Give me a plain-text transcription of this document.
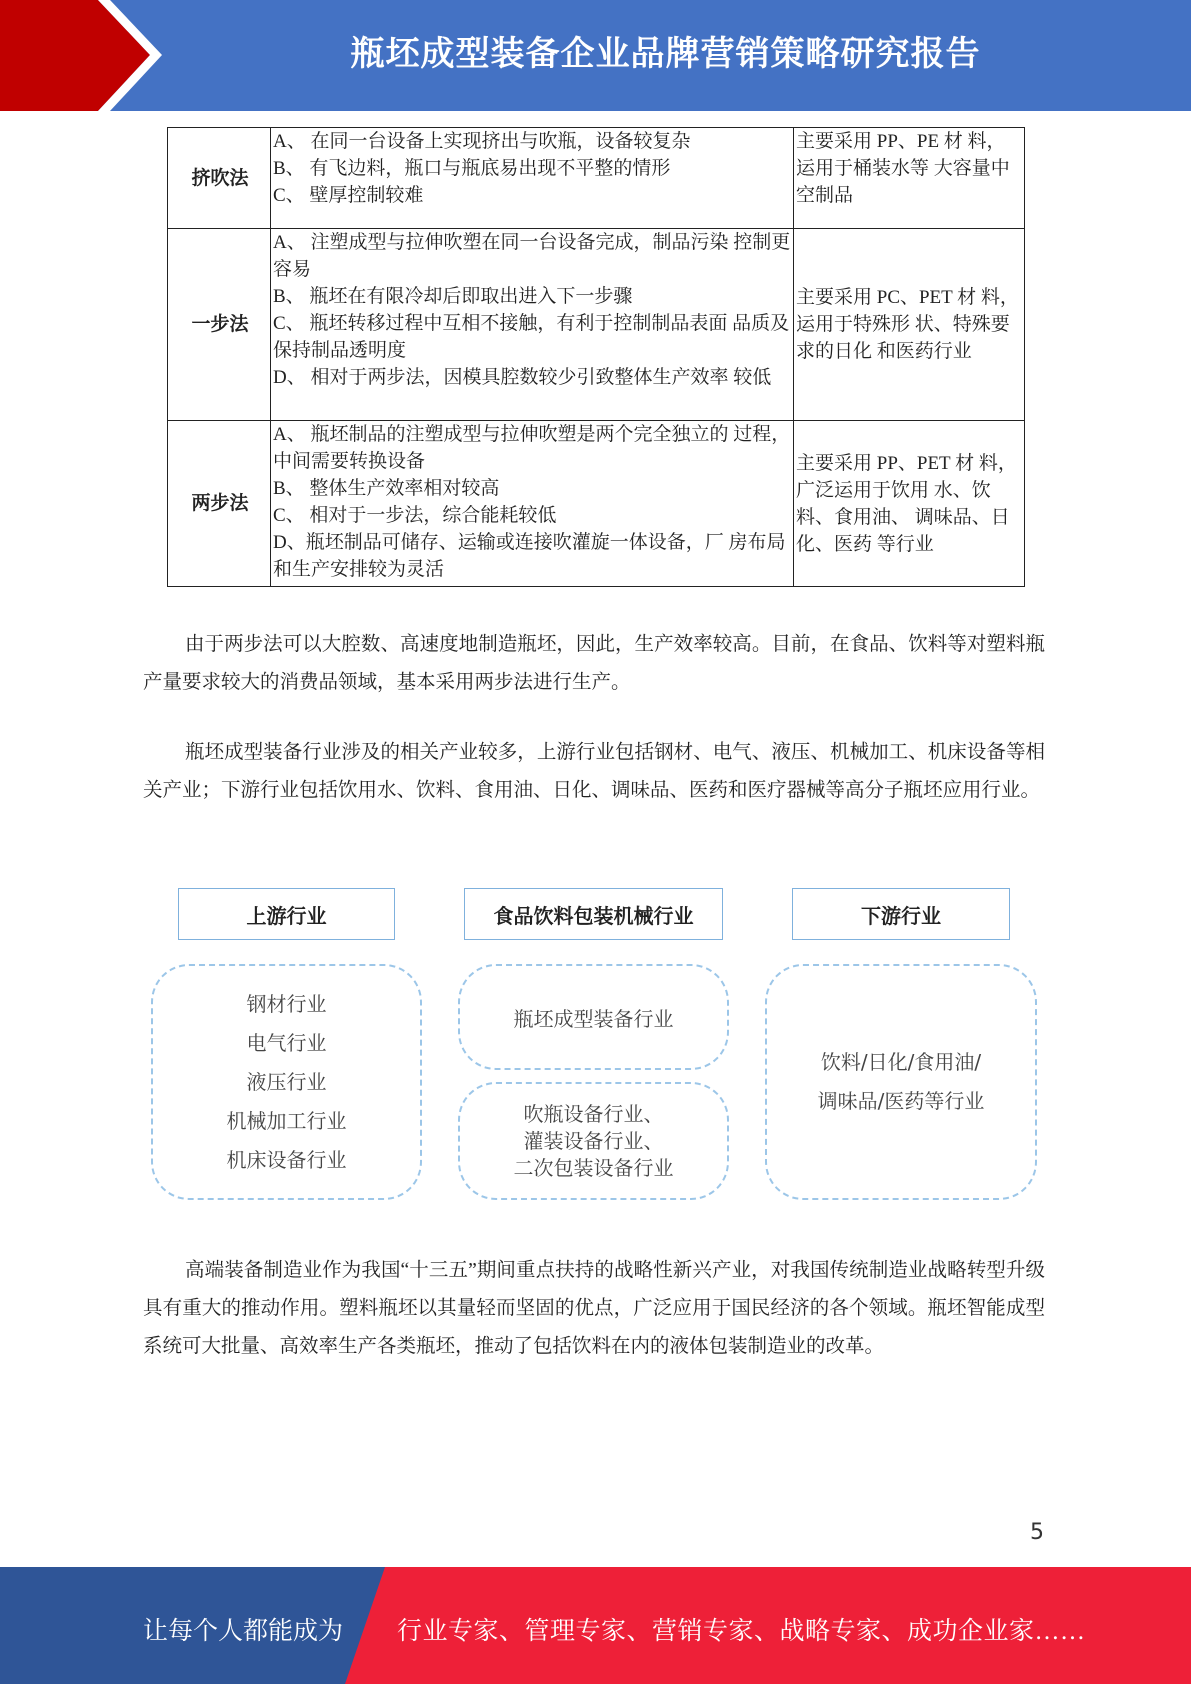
瓶坯成型装备企业品牌营销策略研究报告
挤吹法	A、 在同一台设备上实现挤出与吹瓶，设备较复杂
B、 有飞边料，瓶口与瓶底易出现不平整的情形
C、 壁厚控制较难	主要采用 PP、PE 材 料，运用于桶装水等 大容量中空制品
一步法	A、 注塑成型与拉伸吹塑在同一台设备完成，制品污染 控制更容易
B、 瓶坯在有限冷却后即取出进入下一步骤
C、 瓶坯转移过程中互相不接触，有利于控制制品表面 品质及保持制品透明度
D、 相对于两步法，因模具腔数较少引致整体生产效率 较低	主要采用 PC、PET 材 料，运用于特殊形 状、特殊要求的日化 和医药行业
两步法	A、 瓶坯制品的注塑成型与拉伸吹塑是两个完全独立的 过程，中间需要转换设备
B、 整体生产效率相对较高
C、 相对于一步法，综合能耗较低
D、瓶坯制品可储存、运输或连接吹灌旋一体设备，厂 房布局和生产安排较为灵活	主要采用 PP、PET 材 料，广泛运用于饮用 水、饮料、食用油、 调味品、日化、医药 等行业

由于两步法可以大腔数、高速度地制造瓶坯，因此，生产效率较高。目前，在食品、饮料等对塑料瓶产量要求较大的消费品领域，基本采用两步法进行生产。

瓶坯成型装备行业涉及的相关产业较多，上游行业包括钢材、电气、液压、机械加工、机床设备等相关产业；下游行业包括饮用水、饮料、食用油、日化、调味品、医药和医疗器械等高分子瓶坯应用行业。

上游行业	食品饮料包装机械行业	下游行业
钢材行业
电气行业
液压行业
机械加工行业
机床设备行业
瓶坯成型装备行业
吹瓶设备行业、
灌装设备行业、
二次包装设备行业
饮料/日化/食用油/
调味品/医药等行业

高端装备制造业作为我国“十三五”期间重点扶持的战略性新兴产业，对我国传统制造业战略转型升级具有重大的推动作用。塑料瓶坯以其量轻而坚固的优点，广泛应用于国民经济的各个领域。瓶坯智能成型系统可大批量、高效率生产各类瓶坯，推动了包括饮料在内的液体包装制造业的改革。

5
让每个人都能成为 行业专家、管理专家、营销专家、战略专家、成功企业家……
